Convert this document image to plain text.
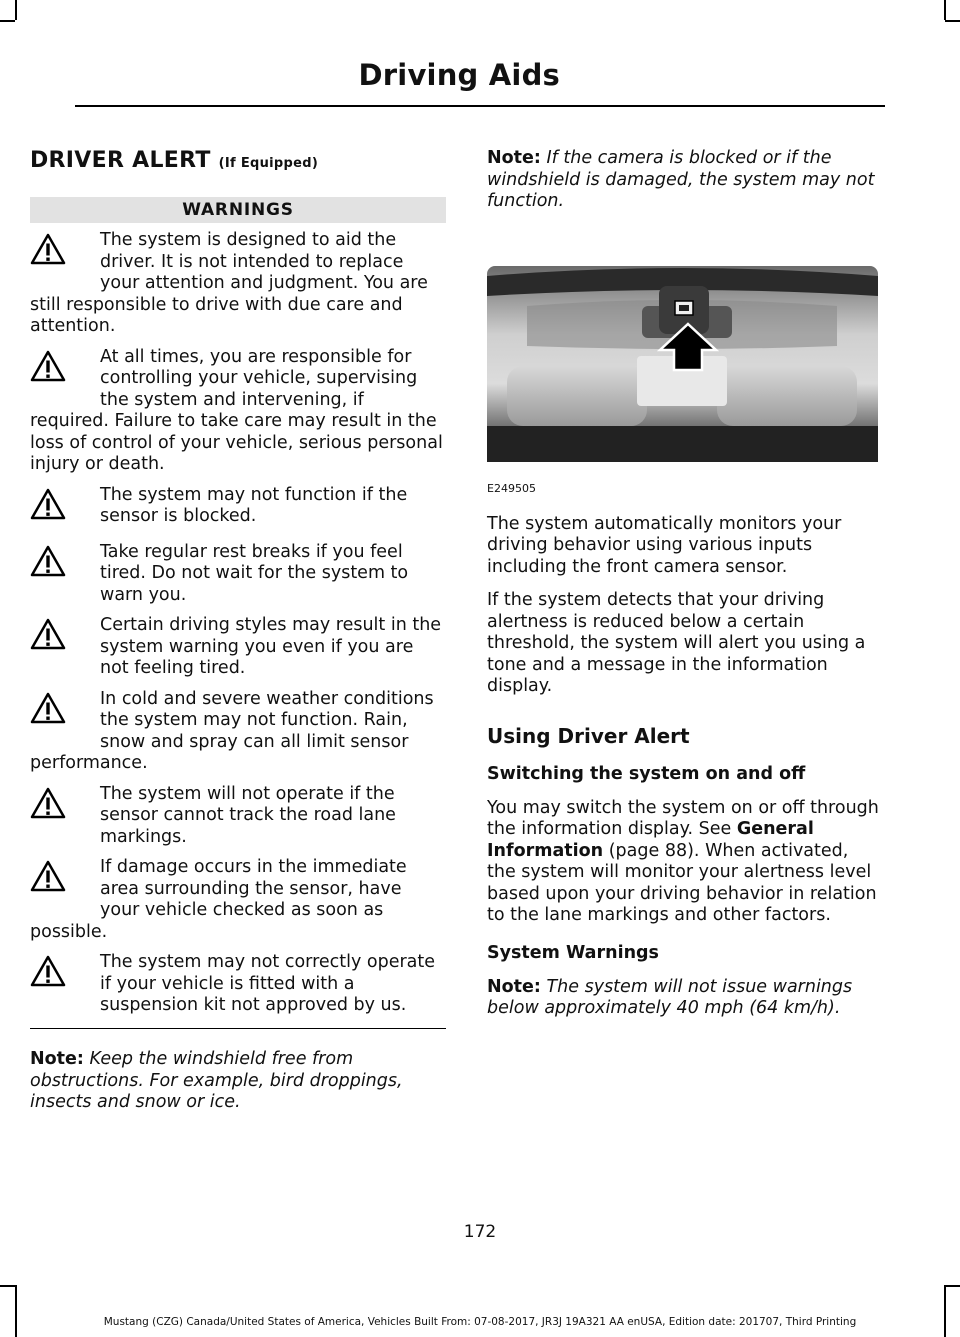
Driving Aids
DRIVER ALERT (If Equipped)
WARNINGS

The system is designed to aid the driver. It is not intended to replace your attention and judgment. You are still responsible to drive with due care and attention.

At all times, you are responsible for controlling your vehicle, supervising the system and intervening, if required. Failure to take care may result in the loss of control of your vehicle, serious personal injury or death.

The system may not function if the sensor is blocked.

Take regular rest breaks if you feel tired. Do not wait for the system to warn you.

Certain driving styles may result in the system warning you even if you are not feeling tired.

In cold and severe weather conditions the system may not function. Rain, snow and spray can all limit sensor performance.

The system will not operate if the sensor cannot track the road lane markings.

If damage occurs in the immediate area surrounding the sensor, have your vehicle checked as soon as possible.

The system may not correctly operate if your vehicle is fitted with a suspension kit not approved by us.

Note: Keep the windshield free from obstructions. For example, bird droppings, insects and snow or ice.

Note: If the camera is blocked or if the windshield is damaged, the system may not function.

E249505

The system automatically monitors your driving behavior using various inputs including the front camera sensor.

If the system detects that your driving alertness is reduced below a certain threshold, the system will alert you using a tone and a message in the information display.

Using Driver Alert
Switching the system on and off

You may switch the system on or off through the information display. See General Information (page 88). When activated, the system will monitor your alertness level based upon your driving behavior in relation to the lane markings and other factors.

System Warnings

Note: The system will not issue warnings below approximately 40 mph (64 km/h).

172
Mustang (CZG) Canada/United States of America, Vehicles Built From: 07-08-2017, JR3J 19A321 AA enUSA, Edition date: 201707, Third Printing
